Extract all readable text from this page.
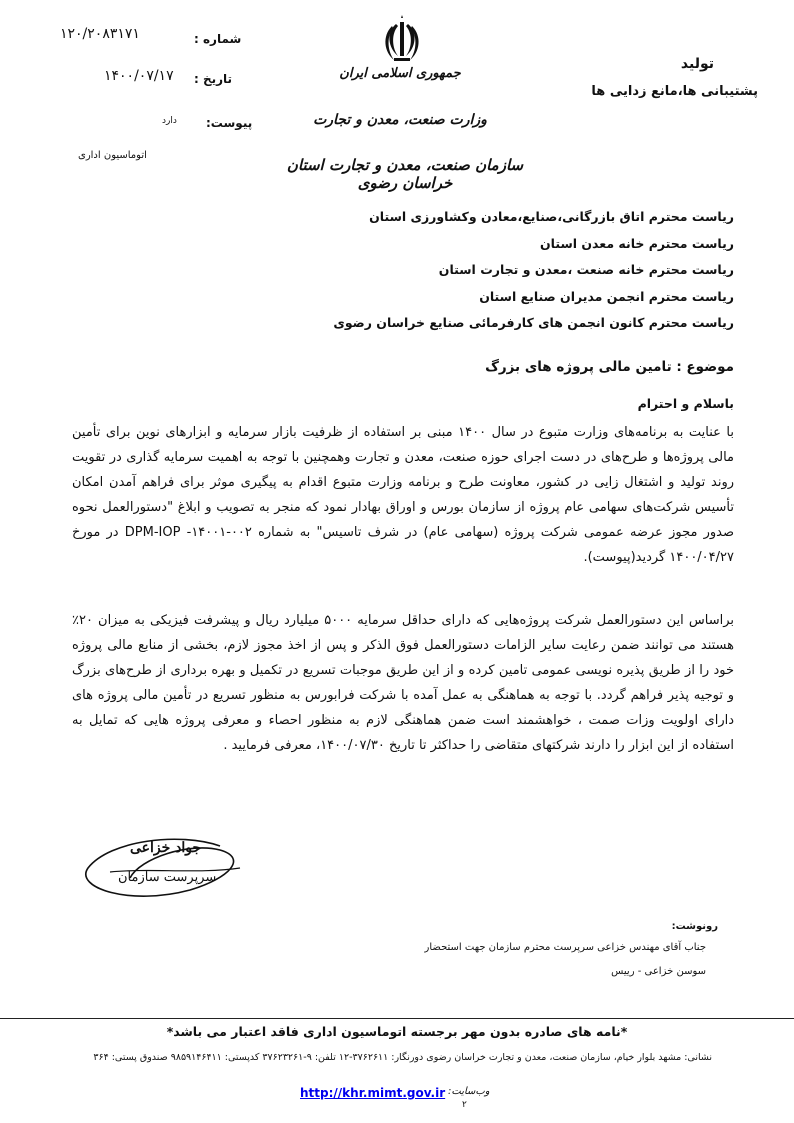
جمهوری اسلامی ایران
وزارت صنعت، معدن و تجارت
سازمان صنعت، معدن و تجارت استان خراسان رضوی
شماره :
۱۲۰/۲۰۸۳۱۷۱
تاریخ :
۱۴۰۰/۰۷/۱۷
پیوست:
دارد
اتوماسیون اداری
تولید
پشتیبانی ها،مانع زدایی ها
ریاست محترم اتاق بازرگانی،صنایع،معادن وکشاورزی استان
ریاست محترم خانه معدن استان
ریاست محترم خانه صنعت ،معدن و تجارت استان
ریاست محترم انجمن مدیران صنایع استان
ریاست محترم کانون انجمن های کارفرمائی صنایع خراسان رضوی
موضوع : تامین مالی پروژه های بزرگ
باسلام و احترام
با عنایت به برنامه‌های وزارت متبوع در سال ۱۴۰۰ مبنی بر استفاده از ظرفیت بازار سرمایه و ابزارهای نوین برای تأمین مالی پروژه‌ها و طرح‌های در دست اجرای حوزه صنعت، معدن و تجارت وهمچنین با توجه به اهمیت سرمایه گذاری در تقویت روند تولید و اشتغال زایی در کشور، معاونت طرح و برنامه وزارت متبوع اقدام به پیگیری موثر برای فراهم آمدن امکان تأسیس شرکت‌های سهامی عام پروژه از سازمان بورس و اوراق بهادار نمود که منجر به تصویب و ابلاغ "دستورالعمل نحوه صدور مجوز عرضه عمومی شرکت پروژه (سهامی عام) در شرف تاسیس" به شماره ۰۰۲-۱۴۰۰۱- DPM-IOP در مورخ ۱۴۰۰/۰۴/۲۷ گردید(پیوست).
براساس این دستورالعمل شرکت پروژه‌هایی که دارای حداقل سرمایه ۵۰۰۰ میلیارد ریال و پیشرفت فیزیکی به میزان ۲۰٪ هستند می توانند ضمن رعایت سایر الزامات دستورالعمل فوق الذکر و پس از اخذ مجوز لازم، بخشی از منابع مالی پروژه خود را از طریق پذیره نویسی عمومی تامین کرده و از این طریق موجبات تسریع در تکمیل و بهره برداری از طرح‌های بزرگ و توجیه پذیر فراهم گردد. با توجه به هماهنگی به عمل آمده با شرکت فرابورس به منظور تسریع در تأمین مالی پروژه های دارای اولویت وزات صمت ، خواهشمند است ضمن هماهنگی لازم به منظور احصاء و معرفی پروژه هایی که تمایل به استفاده از این ابزار را دارند شرکتهای متقاضی را حداکثر تا تاریخ ۱۴۰۰/۰۷/۳۰، معرفی فرمایید .
جواد خزاعی
سرپرست سازمان
رونوشت:
جناب آقای مهندس خزاعی سرپرست محترم سازمان جهت استحضار
سوسن خزاعی - رییس
*نامه های صادره بدون مهر برجسته اتوماسیون اداری فاقد اعتبار می باشد*
نشانی: مشهد بلوار خیام، سازمان صنعت، معدن و تجارت خراسان رضوی دورنگار: ۳۷۶۲۶۱۱-۱۲ تلفن: ۹-۳۷۶۲۳۲۶۱ کدپستی: ۹۸۵۹۱۴۶۴۱۱ صندوق پستی: ۳۶۴
http://khr.mimt.gov.ir وب‌سایت:
۲
